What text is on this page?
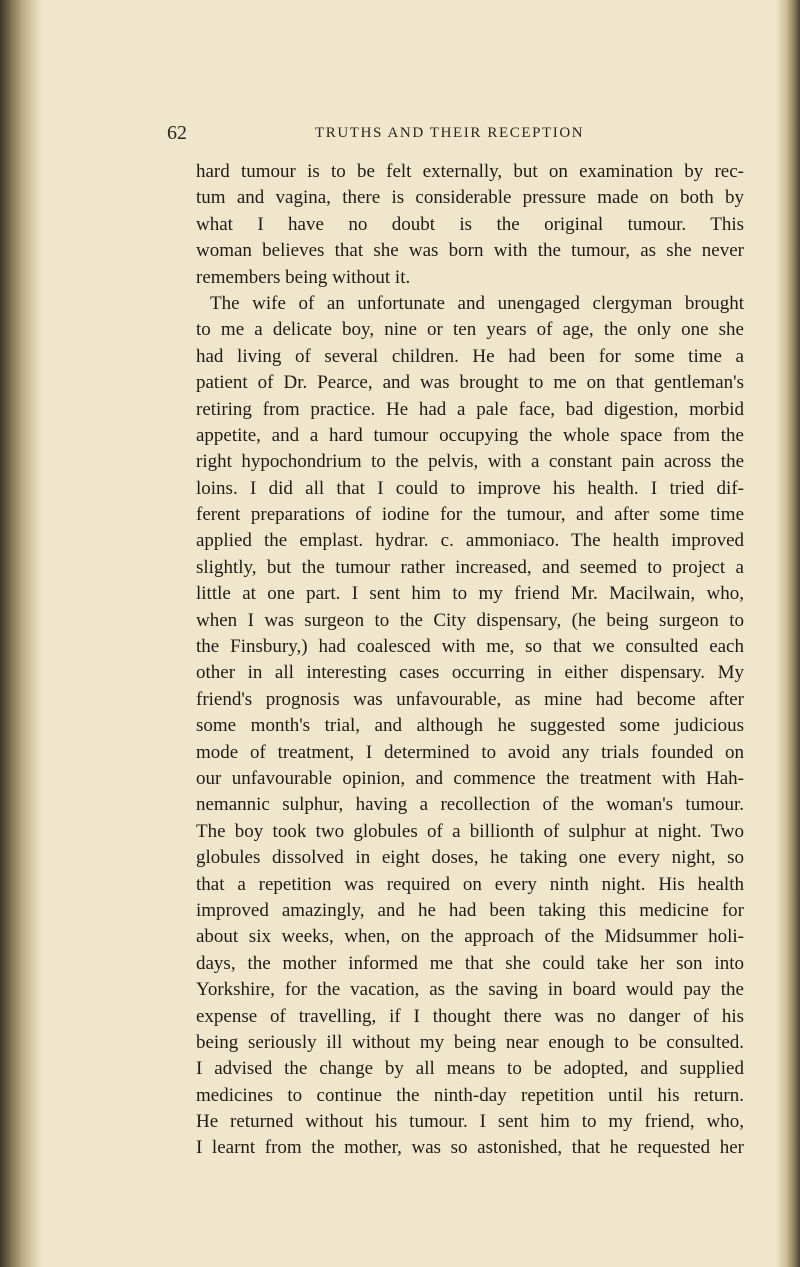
62	TRUTHS AND THEIR RECEPTION
hard tumour is to be felt externally, but on examination by rec-
tum and vagina, there is considerable pressure made on both by
what I have no doubt is the original tumour. This
woman believes that she was born with the tumour, as she never
remembers being without it.
The wife of an unfortunate and unengaged clergyman brought
to me a delicate boy, nine or ten years of age, the only one she
had living of several children. He had been for some time a
patient of Dr. Pearce, and was brought to me on that gentleman's
retiring from practice. He had a pale face, bad digestion, morbid
appetite, and a hard tumour occupying the whole space from the
right hypochondrium to the pelvis, with a constant pain across the
loins. I did all that I could to improve his health. I tried dif-
ferent preparations of iodine for the tumour, and after some time
applied the emplast. hydrar. c. ammoniaco. The health improved
slightly, but the tumour rather increased, and seemed to project a
little at one part. I sent him to my friend Mr. Macilwain, who,
when I was surgeon to the City dispensary, (he being surgeon to
the Finsbury,) had coalesced with me, so that we consulted each
other in all interesting cases occurring in either dispensary. My
friend's prognosis was unfavourable, as mine had become after
some month's trial, and although he suggested some judicious
mode of treatment, I determined to avoid any trials founded on
our unfavourable opinion, and commence the treatment with Hah-
nemannic sulphur, having a recollection of the woman's tumour.
The boy took two globules of a billionth of sulphur at night. Two
globules dissolved in eight doses, he taking one every night, so
that a repetition was required on every ninth night. His health
improved amazingly, and he had been taking this medicine for
about six weeks, when, on the approach of the Midsummer holi-
days, the mother informed me that she could take her son into
Yorkshire, for the vacation, as the saving in board would pay the
expense of travelling, if I thought there was no danger of his
being seriously ill without my being near enough to be consulted.
I advised the change by all means to be adopted, and supplied
medicines to continue the ninth-day repetition until his return.
He returned without his tumour. I sent him to my friend, who,
I learnt from the mother, was so astonished, that he requested her
